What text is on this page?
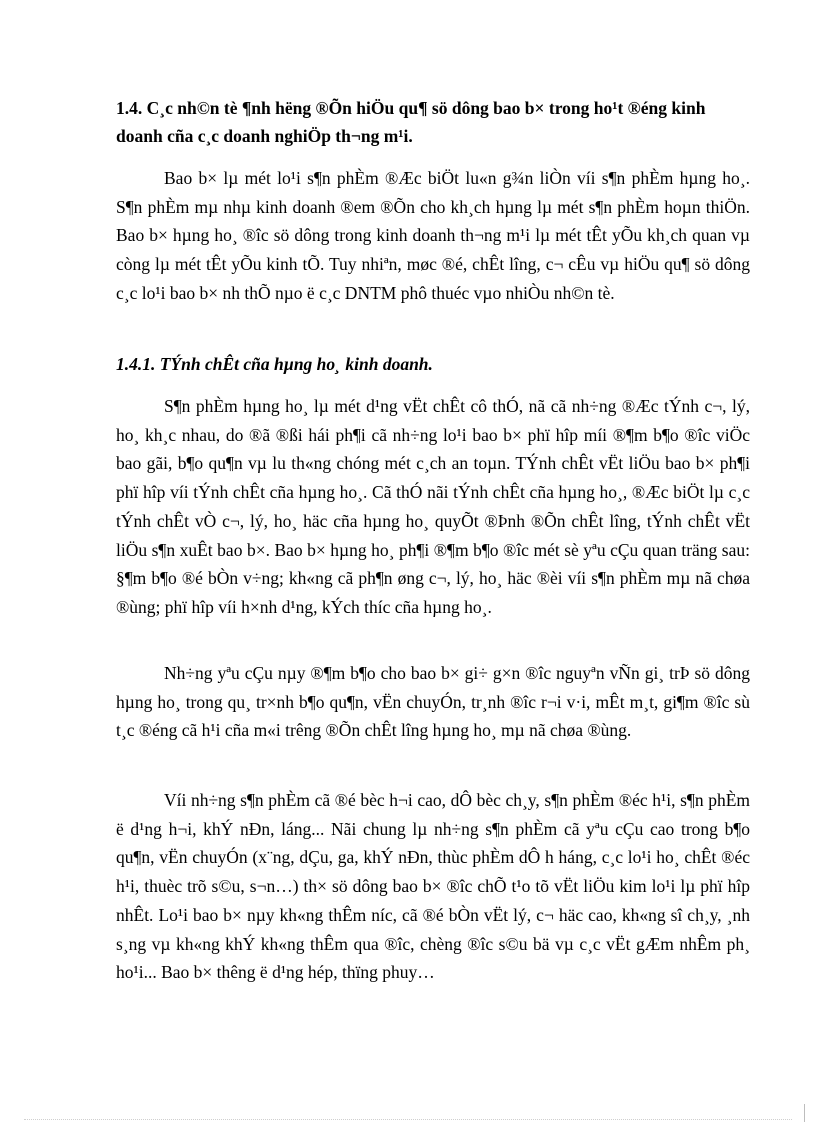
1.4. C¸c nh©n tè ¶nh hëng ®Õn hiÖu qu¶ sö dông bao b× trong ho¹t ®éng kinh doanh cña c¸c doanh nghiÖp th¬ng m¹i.

Bao b× lµ mét lo¹i s¶n phÈm ®Æc biÖt lu«n g¾n liÒn víi s¶n phÈm hµng ho¸. S¶n phÈm mµ nhµ kinh doanh ®em ®Õn cho kh¸ch hµng lµ mét s¶n phÈm hoµn thiÖn. Bao b× hµng ho¸ ®îc sö dông trong kinh doanh th¬ng m¹i lµ mét tÊt yÕu kh¸ch quan vµ còng lµ mét tÊt yÕu kinh tÕ. Tuy nhiªn, møc ®é, chÊt lîng, c¬ cÊu vµ hiÖu qu¶ sö dông c¸c lo¹i bao b× nh thÕ nµo ë c¸c DNTM phô thuéc vµo nhiÒu nh©n tè.

1.4.1. TÝnh chÊt cña hµng ho¸ kinh doanh.

S¶n phÈm hµng ho¸ lµ mét d¹ng vËt chÊt cô thÓ, nã cã nh÷ng ®Æc tÝnh c¬, lý, ho¸ kh¸c nhau, do ®ã ®ßi hái ph¶i cã nh÷ng lo¹i bao b× phï hîp míi ®¶m b¶o ®îc viÖc bao gãi, b¶o qu¶n vµ lu th«ng chóng mét c¸ch an toµn. TÝnh chÊt vËt liÖu bao b× ph¶i phï hîp víi tÝnh chÊt cña hµng ho¸. Cã thÓ nãi tÝnh chÊt cña hµng ho¸, ®Æc biÖt lµ c¸c tÝnh chÊt vÒ c¬, lý, ho¸ häc cña hµng ho¸ quyÕt ®Þnh ®Õn chÊt lîng, tÝnh chÊt vËt liÖu s¶n xuÊt bao b×. Bao b× hµng ho¸ ph¶i ®¶m b¶o ®îc mét sè yªu cÇu quan träng sau: §¶m b¶o ®é bÒn v÷ng; kh«ng cã ph¶n øng c¬, lý, ho¸ häc ®èi víi s¶n phÈm mµ nã chøa ®ùng; phï hîp víi h×nh d¹ng, kÝch thíc cña hµng ho¸.

Nh÷ng yªu cÇu nµy ®¶m b¶o cho bao b× gi÷ g×n ®îc nguyªn vÑn gi¸ trÞ sö dông hµng ho¸ trong qu¸ tr×nh b¶o qu¶n, vËn chuyÓn, tr¸nh ®îc r¬i v·i, mÊt m¸t, gi¶m ®îc sù t¸c ®éng cã h¹i cña m«i trêng ®Õn chÊt lîng hµng ho¸ mµ nã chøa ®ùng.

Víi nh÷ng s¶n phÈm cã ®é bèc h¬i cao, dÔ bèc ch¸y, s¶n phÈm ®éc h¹i, s¶n phÈm ë d¹ng h¬i, khÝ nÐn, láng... Nãi chung lµ nh÷ng s¶n phÈm cã yªu cÇu cao trong b¶o qu¶n, vËn chuyÓn (x¨ng, dÇu, ga, khÝ nÐn, thùc phÈm dÔ h háng, c¸c lo¹i ho¸ chÊt ®éc h¹i, thuèc trõ s©u, s¬n…) th× sö dông bao b× ®îc chÕ t¹o tõ vËt liÖu kim lo¹i lµ phï hîp nhÊt. Lo¹i bao b× nµy kh«ng thÊm níc, cã ®é bÒn vËt lý, c¬ häc cao, kh«ng sî ch¸y, ¸nh s¸ng vµ kh«ng khÝ kh«ng thÊm qua ®îc, chèng ®îc s©u bä vµ c¸c vËt gÆm nhÊm ph¸ ho¹i... Bao b× thêng ë d¹ng hép, thïng phuy…
